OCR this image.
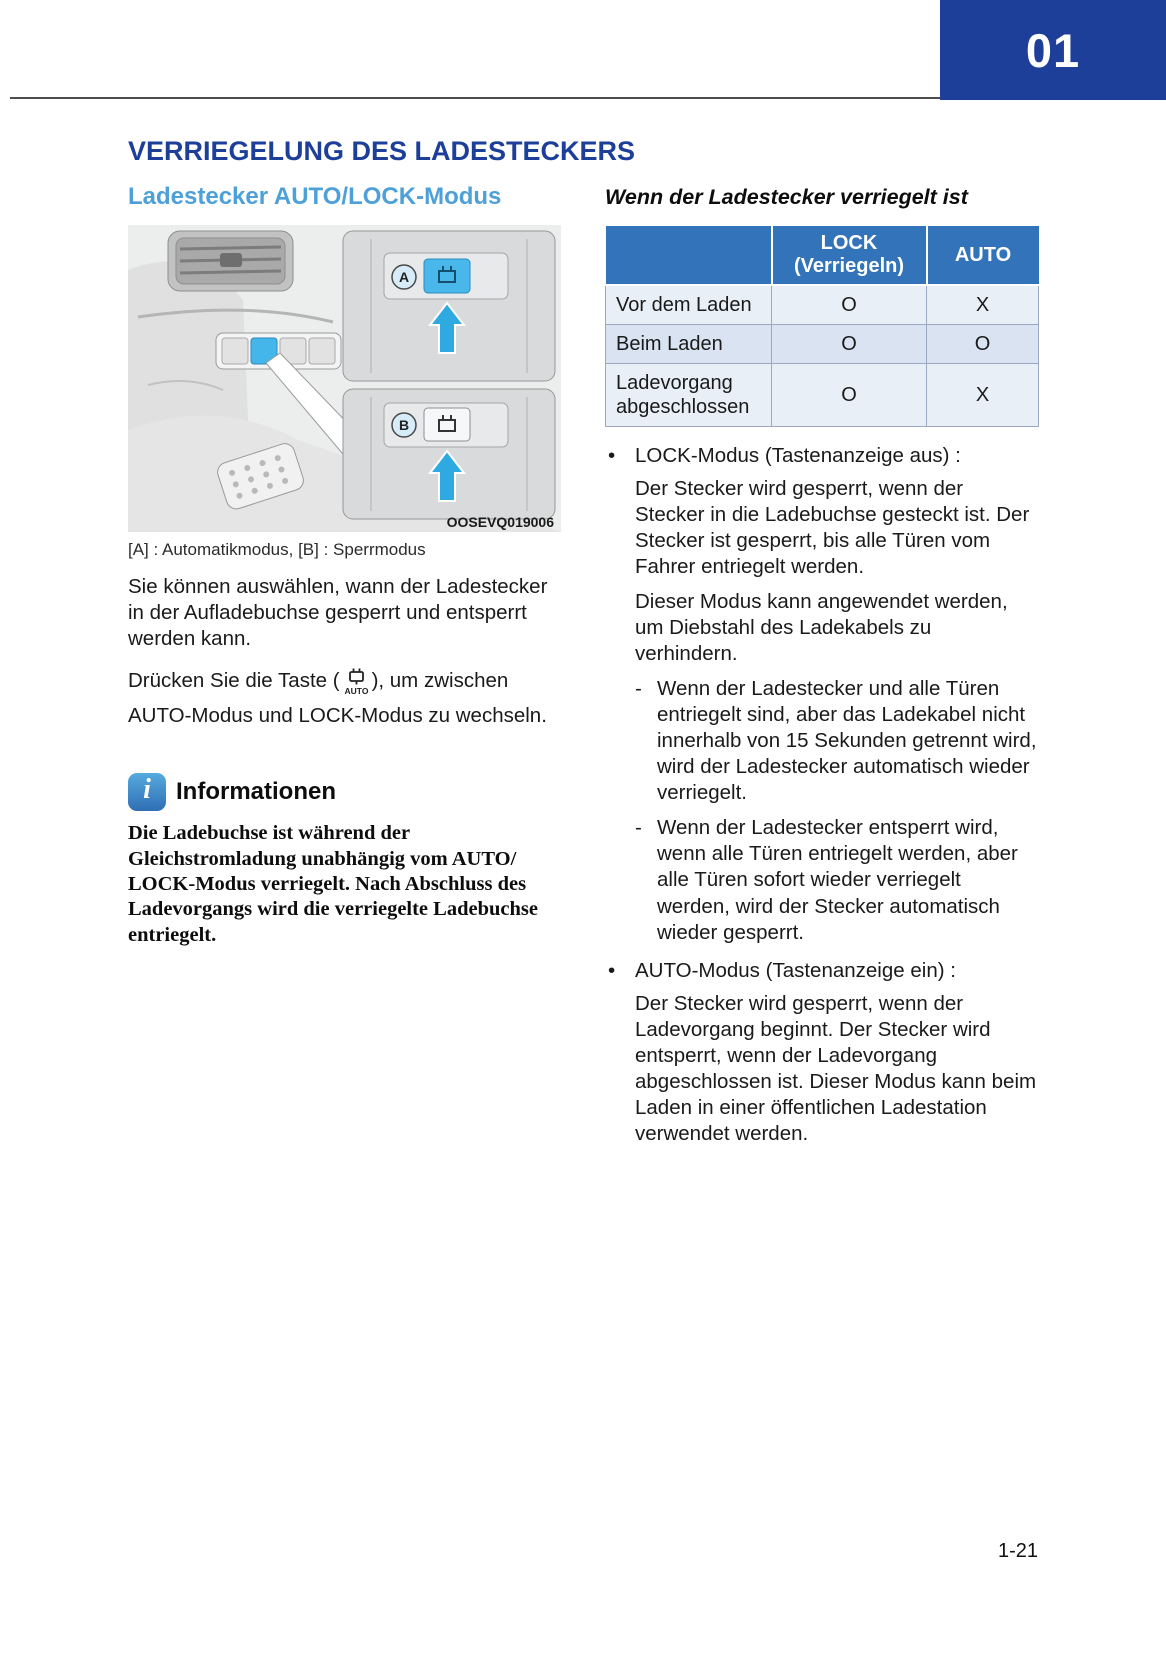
01
VERRIEGELUNG DES LADESTECKERS
Ladestecker AUTO/LOCK-Modus
A
B
OOSEVQ019006
[A] : Automatikmodus, [B] : Sperrmodus

Sie können auswählen, wann der Ladestecker in der Aufladebuchse gesperrt und entsperrt werden kann.

Drücken Sie die Taste ( AUTO ), um zwischen AUTO-Modus und LOCK-Modus zu wechseln.

i Informationen

Die Ladebuchse ist während der Gleichstromladung unabhängig vom AUTO/ LOCK-Modus verriegelt. Nach Abschluss des Ladevorgangs wird die verriegelte Ladebuchse entriegelt.

Wenn der Ladestecker verriegelt ist
	LOCK (Verriegeln)	AUTO
Vor dem Laden	O	X
Beim Laden	O	O
Ladevorgang abgeschlossen	O	X
•
LOCK-Modus (Tastenanzeige aus) :

Der Stecker wird gesperrt, wenn der Stecker in die Ladebuchse gesteckt ist. Der Stecker ist gesperrt, bis alle Türen vom Fahrer entriegelt werden.

Dieser Modus kann angewendet werden, um Diebstahl des Ladekabels zu verhindern.

-
Wenn der Ladestecker und alle Türen entriegelt sind, aber das Ladekabel nicht innerhalb von 15 Sekunden getrennt wird, wird der Ladestecker automatisch wieder verriegelt.
-
Wenn der Ladestecker entsperrt wird, wenn alle Türen entriegelt werden, aber alle Türen sofort wieder verriegelt werden, wird der Stecker automatisch wieder gesperrt.
•
AUTO-Modus (Tastenanzeige ein) :

Der Stecker wird gesperrt, wenn der Ladevorgang beginnt. Der Stecker wird entsperrt, wenn der Ladevorgang abgeschlossen ist. Dieser Modus kann beim Laden in einer öffentlichen Ladestation verwendet werden.

1-21
